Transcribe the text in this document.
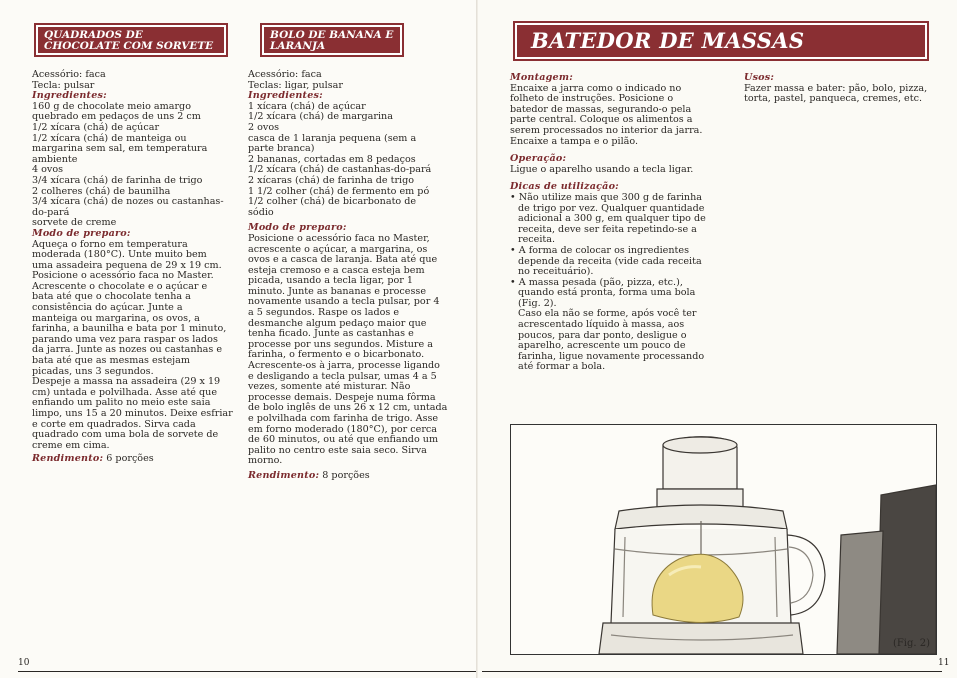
QUADRADOS DE
CHOCOLATE COM SORVETE
Acessório: faca
Tecla: pulsar

Ingredientes:

160 g de chocolate meio amargo
quebrado em pedaços de uns 2 cm
1/2 xícara (chá) de açúcar
1/2 xícara (chá) de manteiga ou
margarina sem sal, em temperatura
ambiente
4 ovos
3/4 xícara (chá) de farinha de trigo
2 colheres (chá) de baunilha
3/4 xícara (chá) de nozes ou castanhas-
do-pará
sorvete de creme

Modo de preparo:

Aqueça o forno em temperatura
moderada (180°C). Unte muito bem
uma assadeira pequena de 29 x 19 cm.
Posicione o acessório faca no Master.
Acrescente o chocolate e o açúcar e
bata até que o chocolate tenha a
consistência do açúcar. Junte a
manteiga ou margarina, os ovos, a
farinha, a baunilha e bata por 1 minuto,
parando uma vez para raspar os lados
da jarra. Junte as nozes ou castanhas e
bata até que as mesmas estejam
picadas, uns 3 segundos.
Despeje a massa na assadeira (29 x 19
cm) untada e polvilhada. Asse até que
enfiando um palito no meio este saia
limpo, uns 15 a 20 minutos. Deixe esfriar
e corte em quadrados. Sirva cada
quadrado com uma bola de sorvete de
creme em cima.

Rendimento: 6 porções

BOLO DE BANANA E
LARANJA
Acessório: faca
Teclas: ligar, pulsar

Ingredientes:

1 xícara (chá) de açúcar
1/2 xícara (chá) de margarina
2 ovos
casca de 1 laranja pequena (sem a
parte branca)
2 bananas, cortadas em 8 pedaços
1/2 xícara (chá) de castanhas-do-pará
2 xícaras (chá) de farinha de trigo
1 1/2 colher (chá) de fermento em pó
1/2 colher (chá) de bicarbonato de
sódio

Modo de preparo:

Posicione o acessório faca no Master,
acrescente o açúcar, a margarina, os
ovos e a casca de laranja. Bata até que
esteja cremoso e a casca esteja bem
picada, usando a tecla ligar, por 1
minuto. Junte as bananas e processe
novamente usando a tecla pulsar, por 4
a 5 segundos. Raspe os lados e
desmanche algum pedaço maior que
tenha ficado. Junte as castanhas e
processe por uns segundos. Misture a
farinha, o fermento e o bicarbonato.
Acrescente-os à jarra, processe ligando
e desligando a tecla pulsar, umas 4 a 5
vezes, somente até misturar. Não
processe demais. Despeje numa fôrma
de bolo inglês de uns 26 x 12 cm, untada
e polvilhada com farinha de trigo. Asse
em forno moderado (180°C), por cerca
de 60 minutos, ou até que enfiando um
palito no centro este saia seco. Sirva
morno.

Rendimento: 8 porções

10
BATEDOR DE MASSAS

Montagem:

Encaixe a jarra como o indicado no
folheto de instruções. Posicione o
batedor de massas, segurando-o pela
parte central. Coloque os alimentos a
serem processados no interior da jarra.
Encaixe a tampa e o pilão.

Operação:

Ligue o aparelho usando a tecla ligar.

Dicas de utilização:

• Não utilize mais que 300 g de farinha
de trigo por vez. Qualquer quantidade
adicional a 300 g, em qualquer tipo de
receita, deve ser feita repetindo-se a
receita.
• A forma de colocar os ingredientes
depende da receita (vide cada receita
no receituário).
• A massa pesada (pão, pizza, etc.),
quando está pronta, forma uma bola
(Fig. 2).
Caso ela não se forme, após você ter
acrescentado líquido à massa, aos
poucos, para dar ponto, desligue o
aparelho, acrescente um pouco de
farinha, ligue novamente processando
até formar a bola.

Usos:

Fazer massa e bater: pão, bolo, pizza,
torta, pastel, panqueca, cremes, etc.
(Fig. 2)
11
